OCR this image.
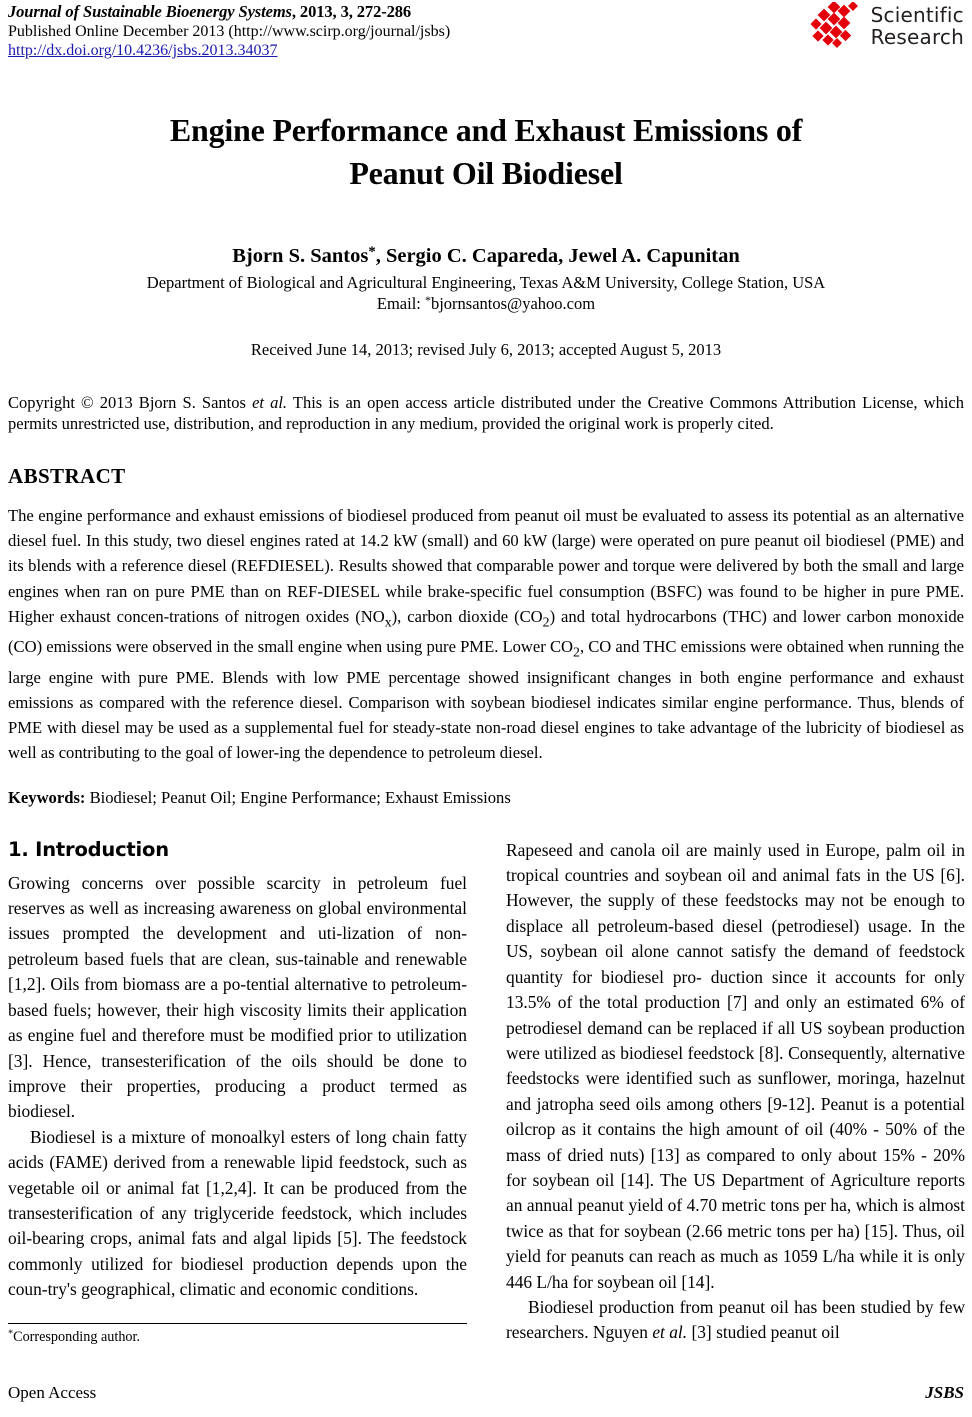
Journal of Sustainable Bioenergy Systems, 2013, 3, 272-286
Published Online December 2013 (http://www.scirp.org/journal/jsbs)
http://dx.doi.org/10.4236/jsbs.2013.34037
Scientific
Research
Engine Performance and Exhaust Emissions of
Peanut Oil Biodiesel
Bjorn S. Santos*, Sergio C. Capareda, Jewel A. Capunitan
Department of Biological and Agricultural Engineering, Texas A&M University, College Station, USA
Email: *bjornsantos@yahoo.com
Received June 14, 2013; revised July 6, 2013; accepted August 5, 2013
Copyright © 2013 Bjorn S. Santos et al. This is an open access article distributed under the Creative Commons Attribution License, which permits unrestricted use, distribution, and reproduction in any medium, provided the original work is properly cited.
ABSTRACT
The engine performance and exhaust emissions of biodiesel produced from peanut oil must be evaluated to assess its potential as an alternative diesel fuel. In this study, two diesel engines rated at 14.2 kW (small) and 60 kW (large) were operated on pure peanut oil biodiesel (PME) and its blends with a reference diesel (REFDIESEL). Results showed that comparable power and torque were delivered by both the small and large engines when ran on pure PME than on REF-DIESEL while brake-specific fuel consumption (BSFC) was found to be higher in pure PME. Higher exhaust concen-trations of nitrogen oxides $(NO_x)$, carbon dioxide $(CO_2)$ and total hydrocarbons (THC) and lower carbon monoxide (CO) emissions were observed in the small engine when using pure PME. Lower $CO_2$, CO and THC emissions were obtained when running the large engine with pure PME. Blends with low PME percentage showed insignificant changes in both engine performance and exhaust emissions as compared with the reference diesel. Comparison with soybean biodiesel indicates similar engine performance. Thus, blends of PME with diesel may be used as a supplemental fuel for steady-state non-road diesel engines to take advantage of the lubricity of biodiesel as well as contributing to the goal of lower-ing the dependence to petroleum diesel.
Keywords: Biodiesel; Peanut Oil; Engine Performance; Exhaust Emissions
1. Introduction

Growing concerns over possible scarcity in petroleum fuel reserves as well as increasing awareness on global environmental issues prompted the development and uti-lization of non-petroleum based fuels that are clean, sus-tainable and renewable [1,2]. Oils from biomass are a po-tential alternative to petroleum-based fuels; however, their high viscosity limits their application as engine fuel and therefore must be modified prior to utilization [3]. Hence, transesterification of the oils should be done to improve their properties, producing a product termed as biodiesel.

Biodiesel is a mixture of monoalkyl esters of long chain fatty acids (FAME) derived from a renewable lipid feedstock, such as vegetable oil or animal fat [1,2,4]. It can be produced from the transesterification of any triglyceride feedstock, which includes oil-bearing crops, animal fats and algal lipids [5]. The feedstock commonly utilized for biodiesel production depends upon the coun-try's geographical, climatic and economic conditions.

*Corresponding author.

Rapeseed and canola oil are mainly used in Europe, palm oil in tropical countries and soybean oil and animal fats in the US [6]. However, the supply of these feedstocks may not be enough to displace all petroleum-based diesel (petrodiesel) usage. In the US, soybean oil alone cannot satisfy the demand of feedstock quantity for biodiesel pro- duction since it accounts for only 13.5% of the total production [7] and only an estimated 6% of petrodiesel demand can be replaced if all US soybean production were utilized as biodiesel feedstock [8]. Consequently, alternative feedstocks were identified such as sunflower, moringa, hazelnut and jatropha seed oils among others [9-12]. Peanut is a potential oilcrop as it contains the high amount of oil (40% - 50% of the mass of dried nuts) [13] as compared to only about 15% - 20% for soybean oil [14]. The US Department of Agriculture reports an annual peanut yield of 4.70 metric tons per ha, which is almost twice as that for soybean (2.66 metric tons per ha) [15]. Thus, oil yield for peanuts can reach as much as 1059 L/ha while it is only 446 L/ha for soybean oil [14].

Biodiesel production from peanut oil has been studied by few researchers. Nguyen et al. [3] studied peanut oil

Open Access	JSBS
